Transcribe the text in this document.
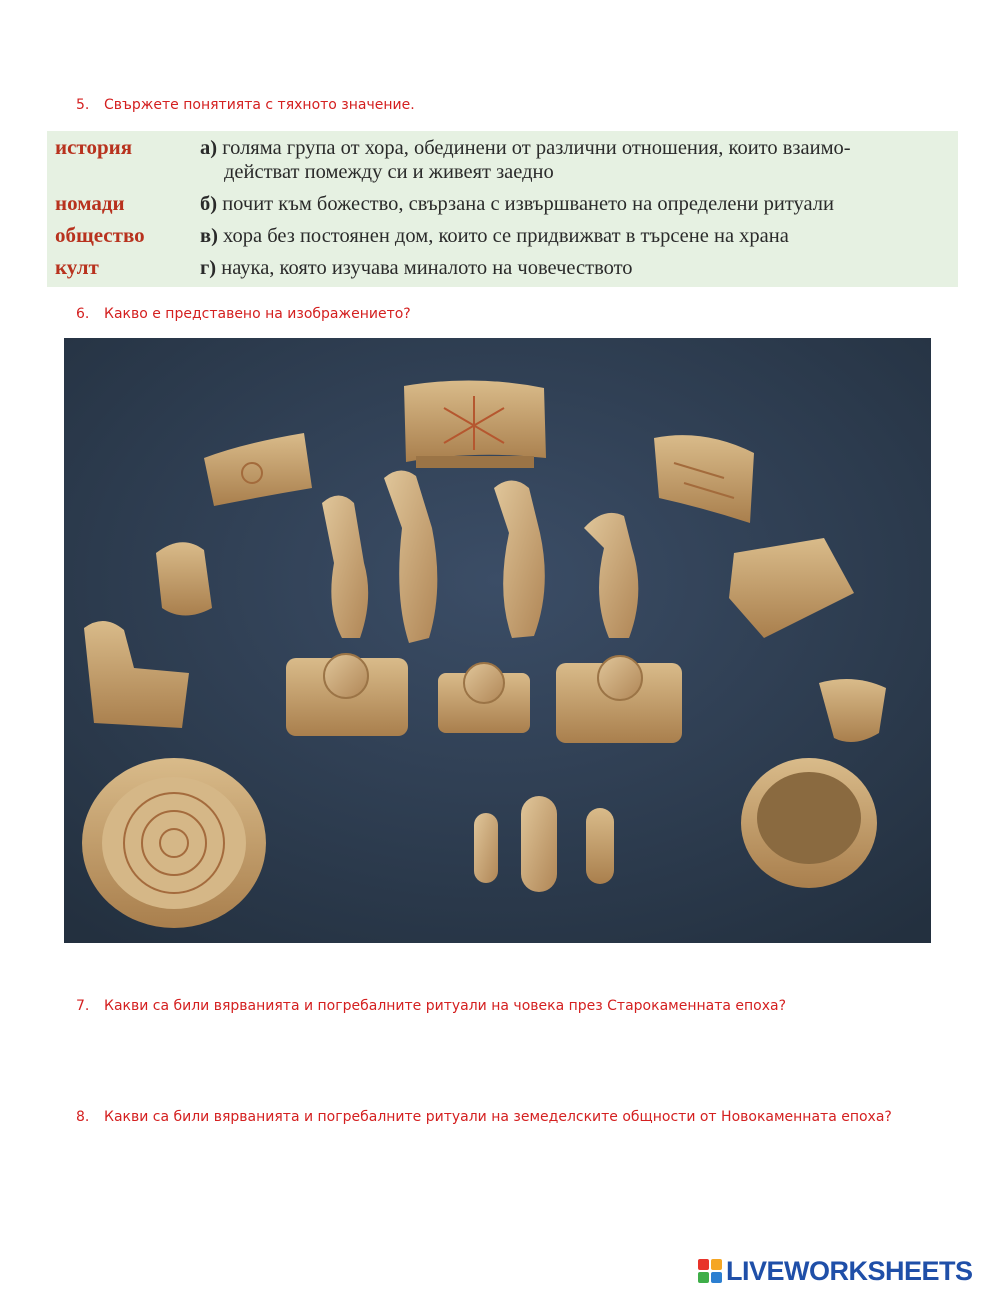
5. Свържете понятията с тяхното значение.
история
номади
общество
култ
а) голяма група от хора, обединени от различни отношения, които взаимо-
действат помежду си и живеят заедно
б) почит към божество, свързана с извършването на определени ритуали
в) хора без постоянен дом, които се придвижват в търсене на храна
г) наука, която изучава миналото на човечеството
6. Какво е представено на изображението?
7. Какви са били вярванията и погребалните ритуали на човека през Старокаменната епоха?
8. Какви са били вярванията и погребалните ритуали на земеделските общности от Новокаменната епоха?
LIVEWORKSHEETS
